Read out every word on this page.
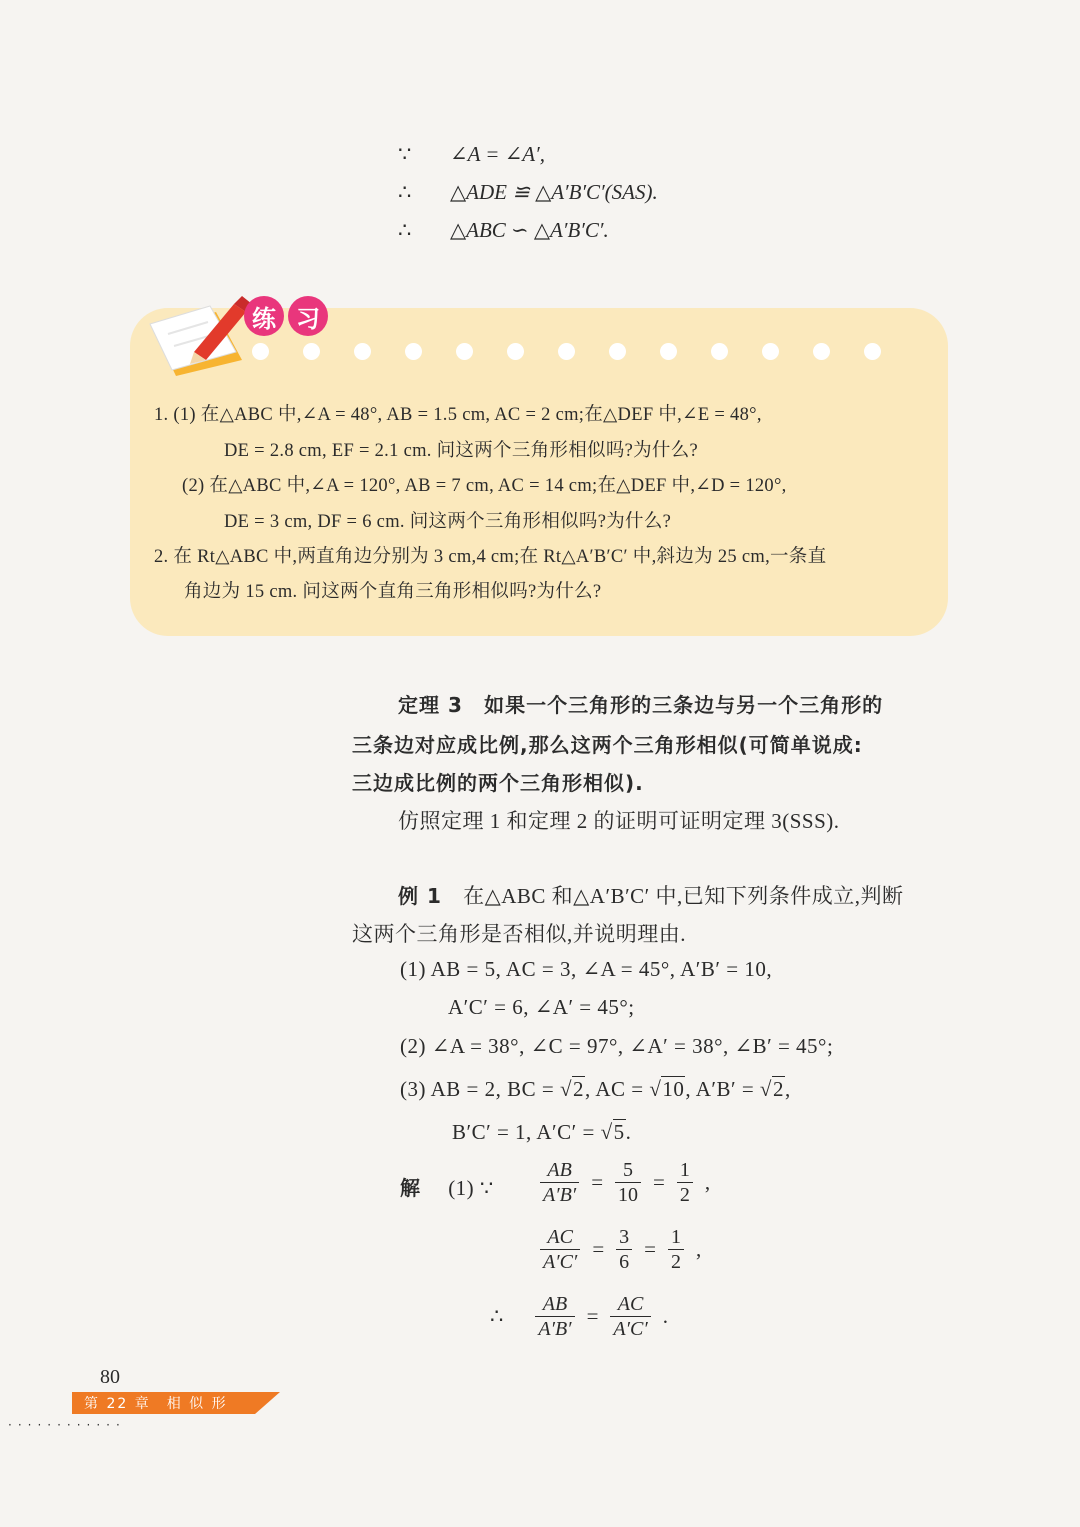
∵ ∠A = ∠A′,
∴ △ADE ≌ △A′B′C′(SAS).
∴ △ABC ∽ △A′B′C′.
练 习
1. (1) 在△ABC 中,∠A = 48°, AB = 1.5 cm, AC = 2 cm;在△DEF 中,∠E = 48°,
DE = 2.8 cm, EF = 2.1 cm. 问这两个三角形相似吗?为什么?
(2) 在△ABC 中,∠A = 120°, AB = 7 cm, AC = 14 cm;在△DEF 中,∠D = 120°,
DE = 3 cm, DF = 6 cm. 问这两个三角形相似吗?为什么?
2. 在 Rt△ABC 中,两直角边分别为 3 cm,4 cm;在 Rt△A′B′C′ 中,斜边为 25 cm,一条直
角边为 15 cm. 问这两个直角三角形相似吗?为什么?
定理 3 如果一个三角形的三条边与另一个三角形的
三条边对应成比例,那么这两个三角形相似(可简单说成:
三边成比例的两个三角形相似).
仿照定理 1 和定理 2 的证明可证明定理 3(SSS).
例 1 在△ABC 和△A′B′C′ 中,已知下列条件成立,判断
这两个三角形是否相似,并说明理由.
(1) AB = 5, AC = 3, ∠A = 45°, A′B′ = 10,
A′C′ = 6, ∠A′ = 45°;
(2) ∠A = 38°, ∠C = 97°, ∠A′ = 38°, ∠B′ = 45°;
(3) AB = 2, BC = √2, AC = √10, A′B′ = √2,
B′C′ = 1, A′C′ = √5.
解 (1) ∵ $\frac{AB}{A'B'} = \frac{5}{10} = \frac{1}{2}$ ,
$\frac{AC}{A'C'} = \frac{3}{6} = \frac{1}{2}$ ,
∴ $\frac{AB}{A'B'} = \frac{AC}{A'C'}$ .
80
第 22 章　相 似 形
············
